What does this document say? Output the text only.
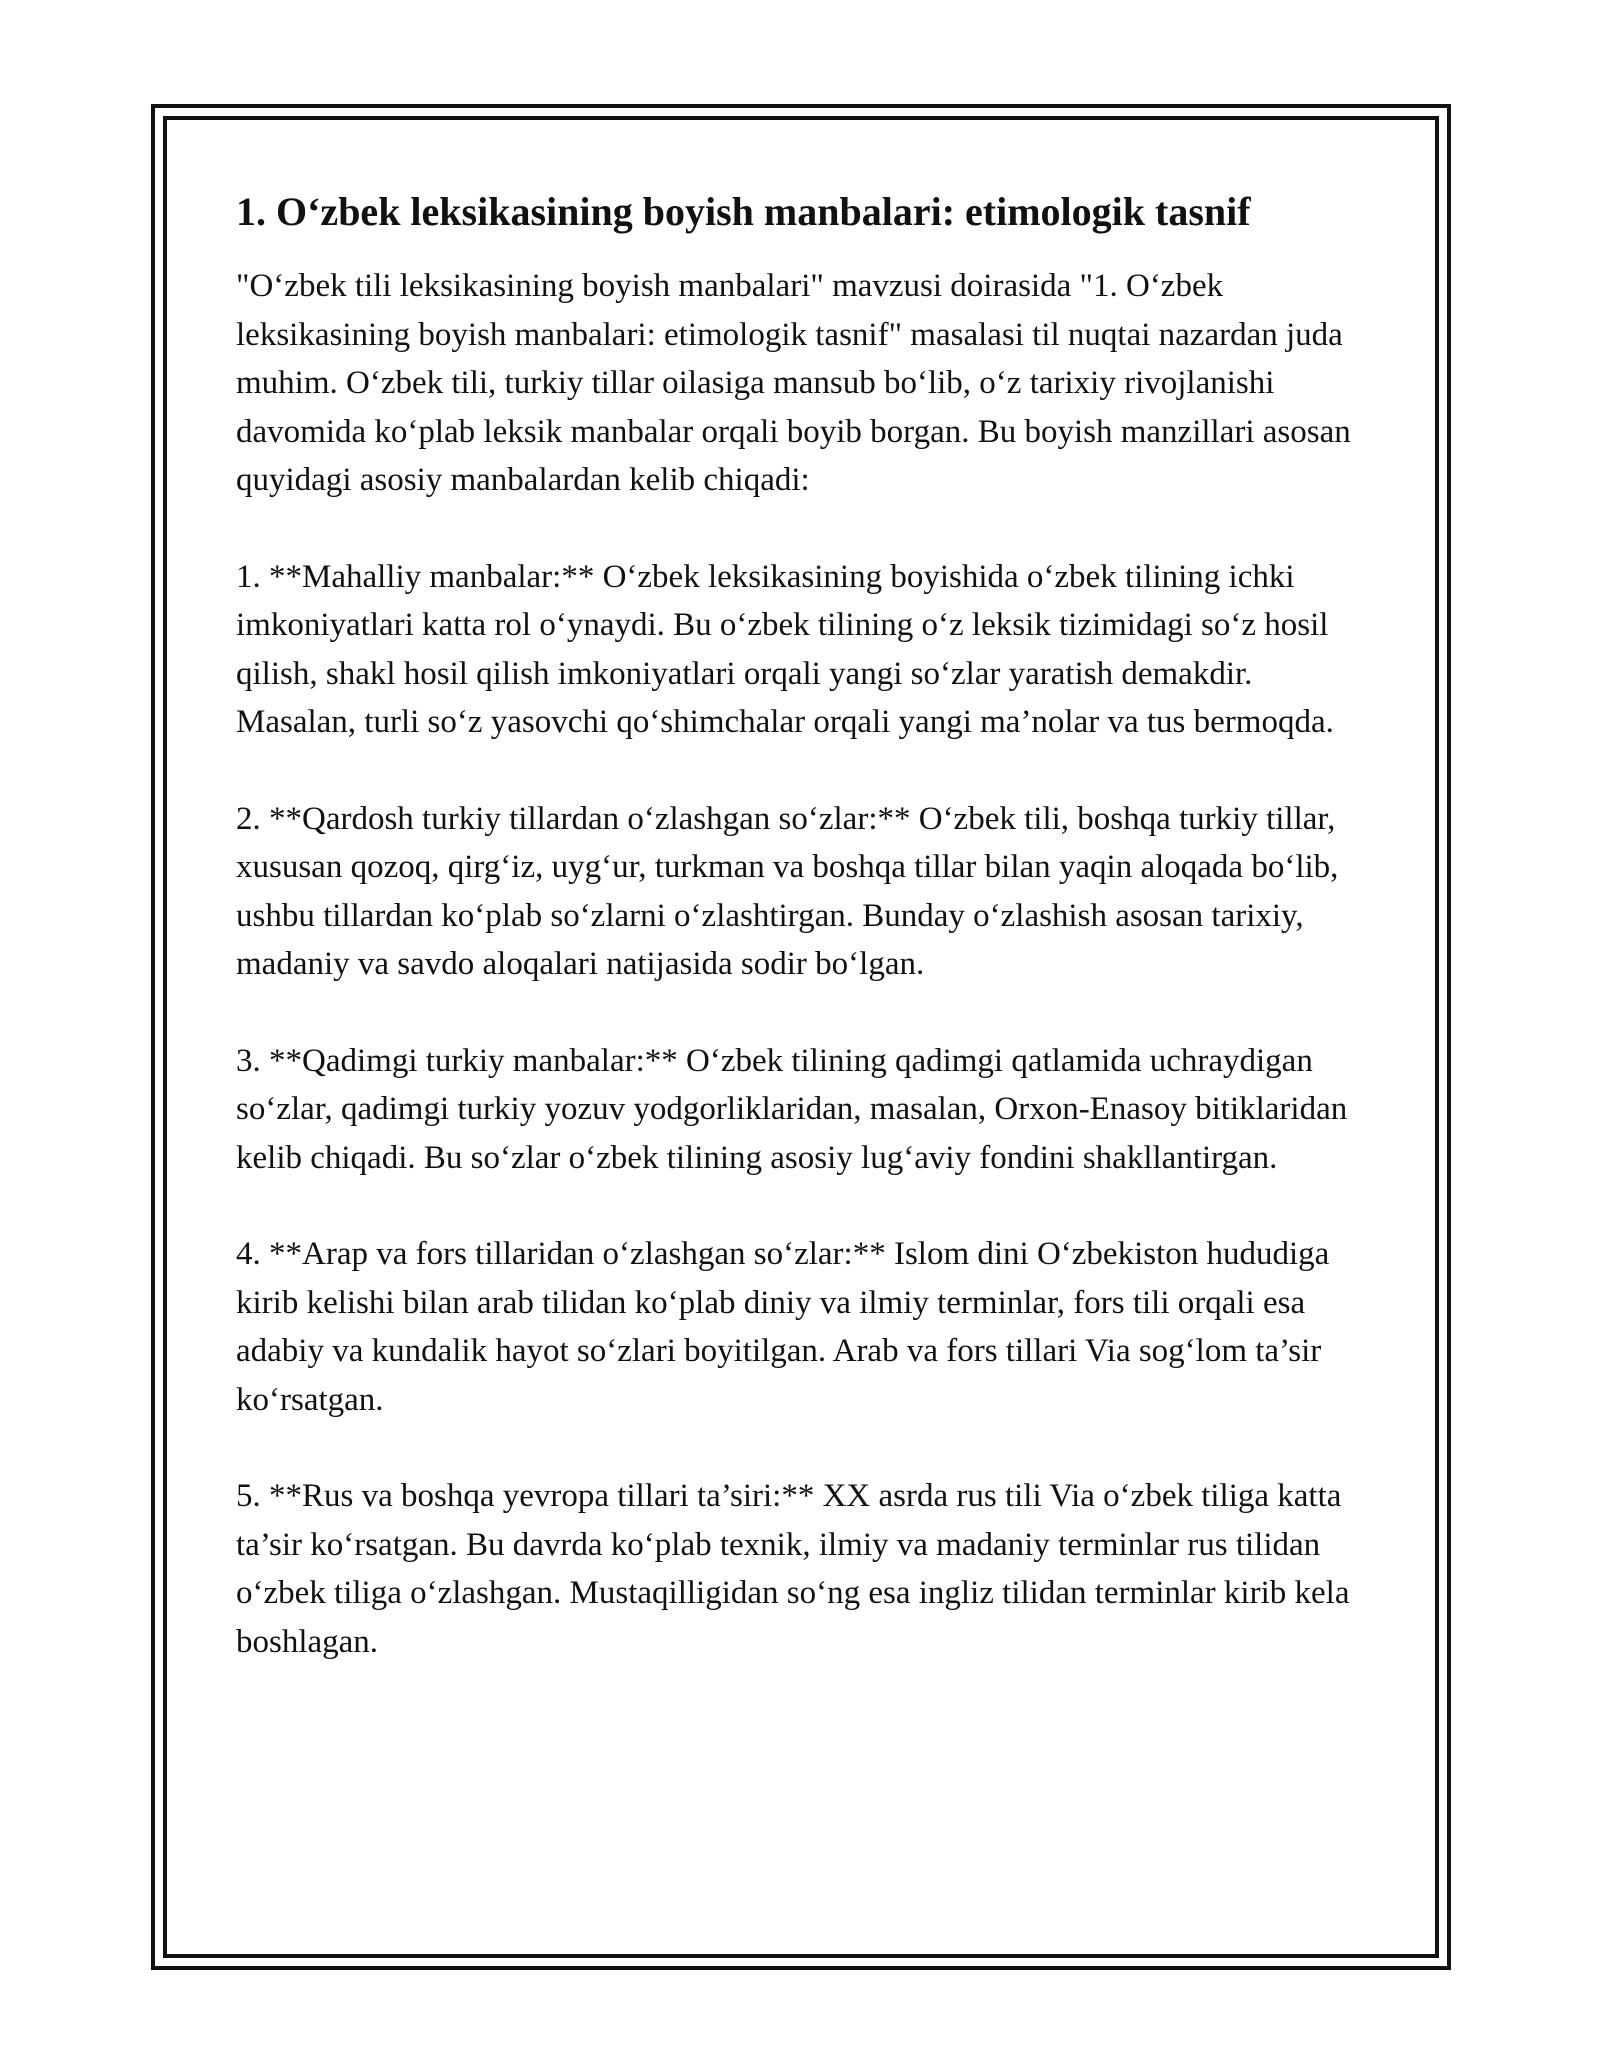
1. O‘zbek leksikasining boyish manbalari: etimologik tasnif

"O‘zbek tili leksikasining boyish manbalari" mavzusi doirasida "1. O‘zbek leksikasining boyish manbalari: etimologik tasnif" masalasi til nuqtai nazardan juda muhim. O‘zbek tili, turkiy tillar oilasiga mansub bo‘lib, o‘z tarixiy rivojlanishi davomida ko‘plab leksik manbalar orqali boyib borgan. Bu boyish manzillari asosan quyidagi asosiy manbalardan kelib chiqadi:

1. **Mahalliy manbalar:** O‘zbek leksikasining boyishida o‘zbek tilining ichki imkoniyatlari katta rol o‘ynaydi. Bu o‘zbek tilining o‘z leksik tizimidagi so‘z hosil qilish, shakl hosil qilish imkoniyatlari orqali yangi so‘zlar yaratish demakdir. Masalan, turli so‘z yasovchi qo‘shimchalar orqali yangi ma’nolar va tus bermoqda.

2. **Qardosh turkiy tillardan o‘zlashgan so‘zlar:** O‘zbek tili, boshqa turkiy tillar, xususan qozoq, qirg‘iz, uyg‘ur, turkman va boshqa tillar bilan yaqin aloqada bo‘lib, ushbu tillardan ko‘plab so‘zlarni o‘zlashtirgan. Bunday o‘zlashish asosan tarixiy, madaniy va savdo aloqalari natijasida sodir bo‘lgan.

3. **Qadimgi turkiy manbalar:** O‘zbek tilining qadimgi qatlamida uchraydigan so‘zlar, qadimgi turkiy yozuv yodgorliklaridan, masalan, Orxon-Enasoy bitiklaridan kelib chiqadi. Bu so‘zlar o‘zbek tilining asosiy lug‘aviy fondini shakllantirgan.

4. **Arap va fors tillaridan o‘zlashgan so‘zlar:** Islom dini O‘zbekiston hududiga kirib kelishi bilan arab tilidan ko‘plab diniy va ilmiy terminlar, fors tili orqali esa adabiy va kundalik hayot so‘zlari boyitilgan. Arab va fors tillari Via sog‘lom ta’sir ko‘rsatgan.

5. **Rus va boshqa yevropa tillari ta’siri:** XX asrda rus tili Via o‘zbek tiliga katta ta’sir ko‘rsatgan. Bu davrda ko‘plab texnik, ilmiy va madaniy terminlar rus tilidan o‘zbek tiliga o‘zlashgan. Mustaqilligidan so‘ng esa ingliz tilidan terminlar kirib kela boshlagan.
